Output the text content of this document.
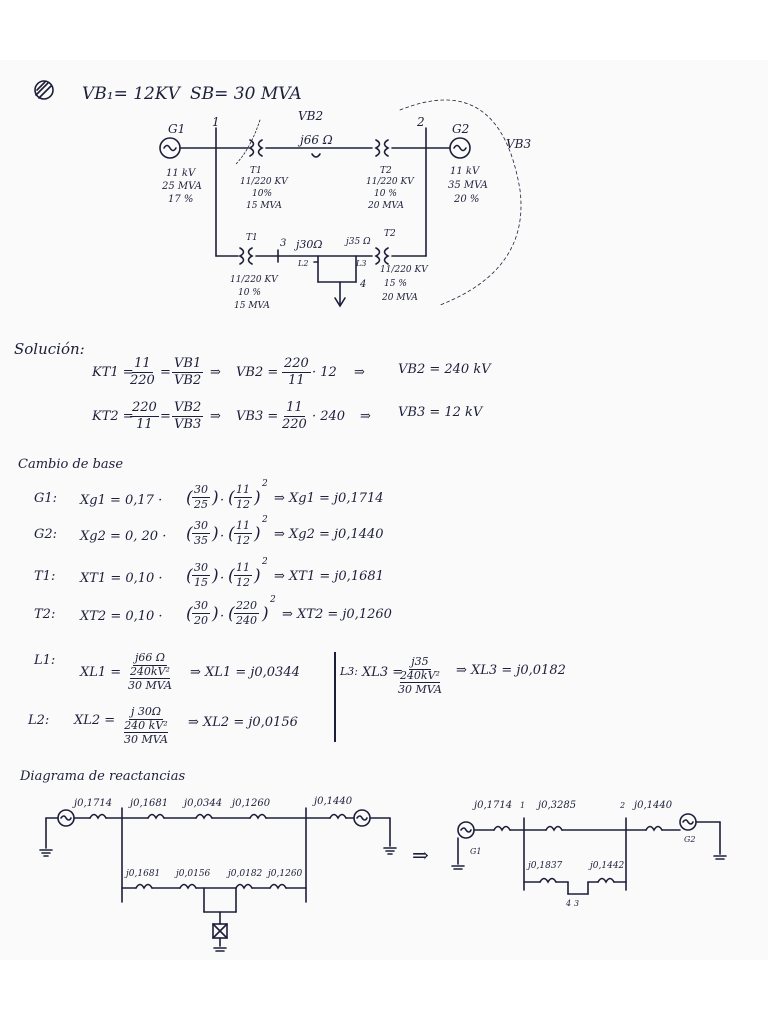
G1 1	2 G2
VB2
VB3
j66 Ω
11 kV
25 MVA
17 %
T1
11/220 KV
10%
15 MVA
T2
11/220 KV
10 %
20 MVA
11 kV
35 MVA
20 %
T1 3 j30Ω
L2
j35 Ω
L3
T2
4
11/220 KV
10 %
15 MVA
11/220 KV
15 %
20 MVA
j0,1714 j0,1681 j0,0344 j0,1260	j0,1440
j0,1681 j0,0156 j0,0182 j0,1260
⇒
j0,1714 1 j0,3285	2 j0,1440
G1
G2
j0,1837	j0,1442
3
4
VB₁= 12KV SB= 30 MVA
Solución:
KT1 =
$\frac{11}{220} = \frac{VB1}{VB2}$ ⇒ $VB2 = \frac{220}{11} \cdot 12$ ⇒	VB2 = 240 kV
KT2 =
$\frac{220}{11} = \frac{VB2}{VB3}$ ⇒ $VB3 = \frac{11}{220} \cdot 240$ ⇒ VB3 = 12 kV
Cambio de base
G1: Xg1 = 0,17 · ( $\frac{30}{25}$ ) · ( $\frac{11}{12}$ )
2
⇒ Xg1 = j0,1714
G2: Xg2 = 0, 20 · ( $\frac{30}{35}$ ) · ( $\frac{11}{12}$ )
2
⇒ Xg2 = j0,1440
T1: XT1 = 0,10 · ( $\frac{30}{15}$ ) · ( $\frac{11}{12}$ )
2
⇒ XT1 = j0,1681
T2: XT2 = 0,10 · ( $\frac{30}{20}$ ) · ( $\frac{220}{240}$ )
2
⇒ XT2 = j0,1260
L1:
XL1 =
j66 Ω
240kV²
30 MVA
⇒ XL1 = j0,0344	L3: XL3 =
j35
240kV²
30 MVA
⇒ XL3 = j0,0182
L2: XL2 =
j 30Ω
240 kV²
30 MVA
⇒ XL2 = j0,0156
Diagrama de reactancias
